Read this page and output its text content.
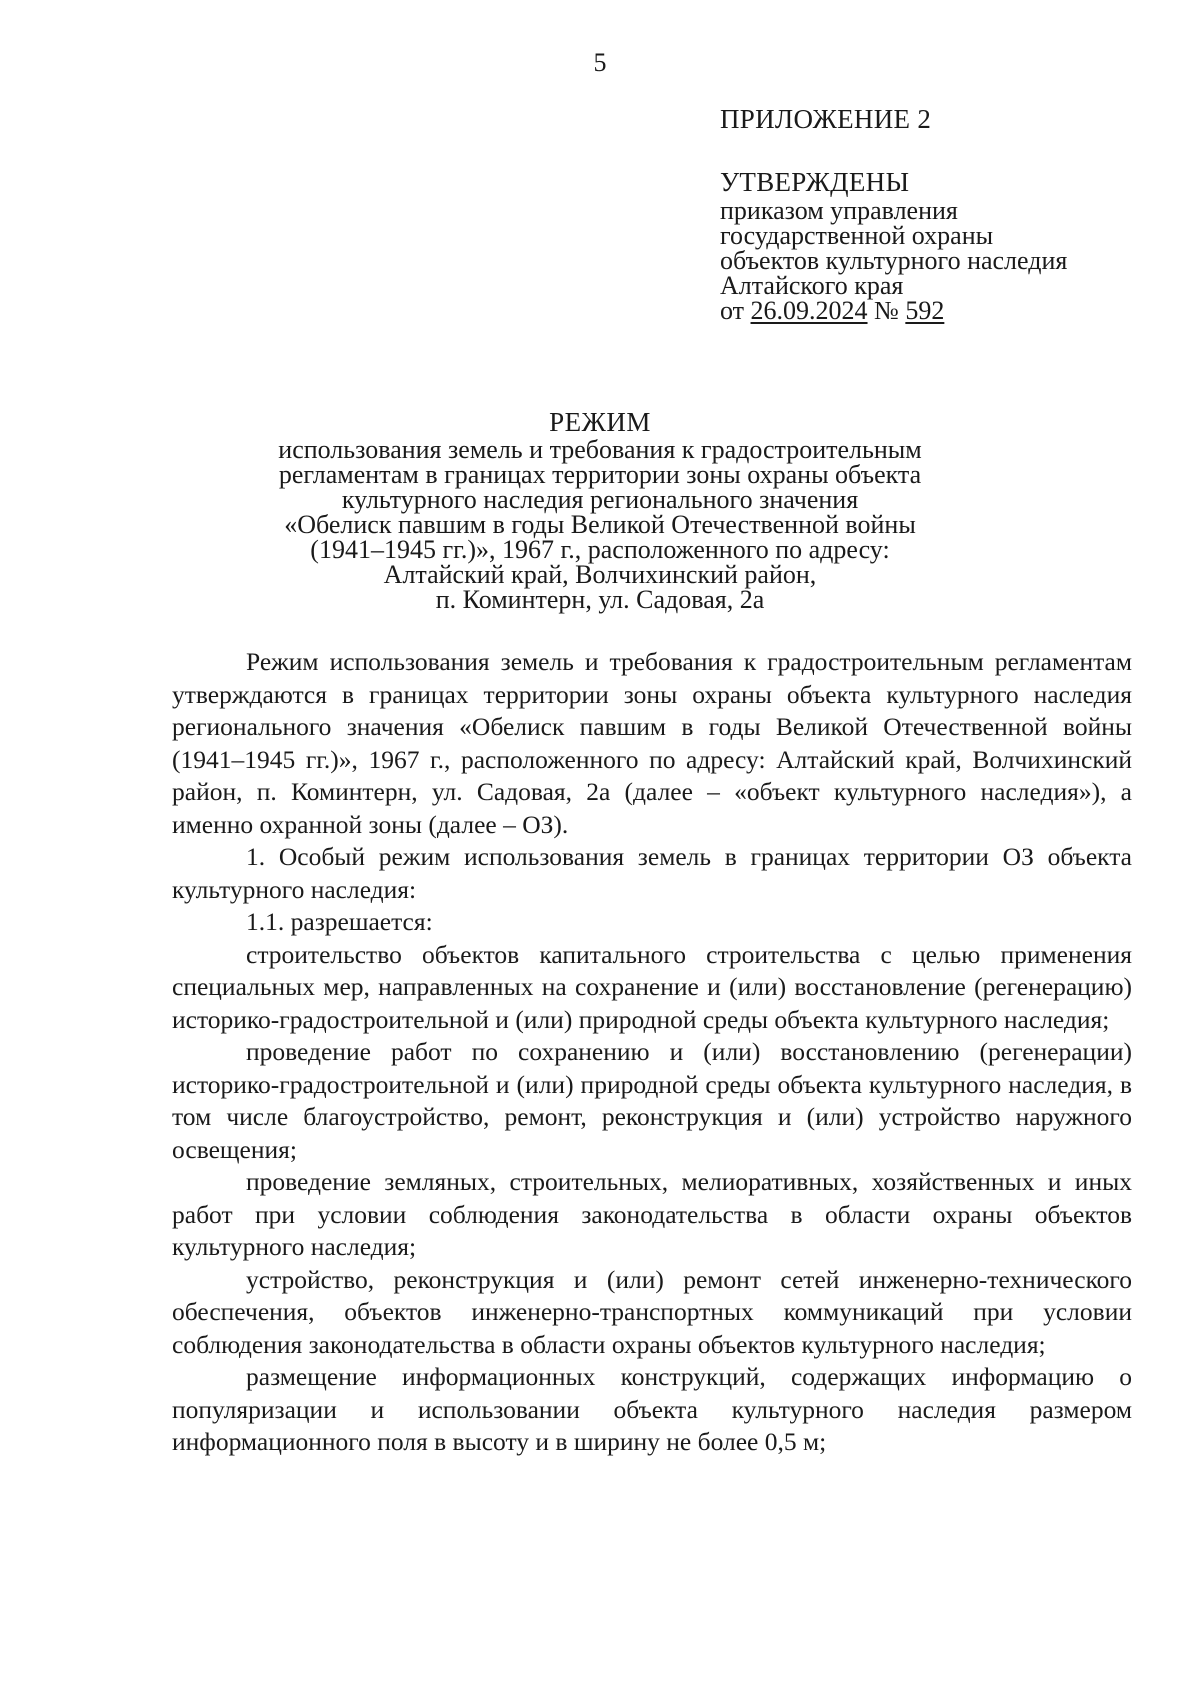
5
ПРИЛОЖЕНИЕ 2
УТВЕРЖДЕНЫ
приказом управления
государственной охраны
объектов культурного наследия
Алтайского края
от 26.09.2024 № 592
РЕЖИМ
использования земель и требования к градостроительным
регламентам в границах территории зоны охраны объекта
культурного наследия регионального значения
«Обелиск павшим в годы Великой Отечественной войны
(1941–1945 гг.)», 1967 г., расположенного по адресу:
Алтайский край, Волчихинский район,
п. Коминтерн, ул. Садовая, 2а

Режим использования земель и требования к градостроительным регламентам утверждаются в границах территории зоны охраны объекта культурного наследия регионального значения «Обелиск павшим в годы Великой Отечественной войны (1941–1945 гг.)», 1967 г., расположенного по адресу: Алтайский край, Волчихинский район, п. Коминтерн, ул. Садовая, 2а (далее – «объект культурного наследия»), а именно охранной зоны (далее – ОЗ).

1. Особый режим использования земель в границах территории ОЗ объекта культурного наследия:

1.1. разрешается:

строительство объектов капитального строительства с целью применения специальных мер, направленных на сохранение и (или) восстановление (регенерацию) историко-градостроительной и (или) природной среды объекта культурного наследия;

проведение работ по сохранению и (или) восстановлению (регенерации) историко-градостроительной и (или) природной среды объекта культурного наследия, в том числе благоустройство, ремонт, реконструкция и (или) устройство наружного освещения;

проведение земляных, строительных, мелиоративных, хозяйственных и иных работ при условии соблюдения законодательства в области охраны объектов культурного наследия;

устройство, реконструкция и (или) ремонт сетей инженерно-технического обеспечения, объектов инженерно-транспортных коммуникаций при условии соблюдения законодательства в области охраны объектов культурного наследия;

размещение информационных конструкций, содержащих информацию о популяризации и использовании объекта культурного наследия размером информационного поля в высоту и в ширину не более 0,5 м;
